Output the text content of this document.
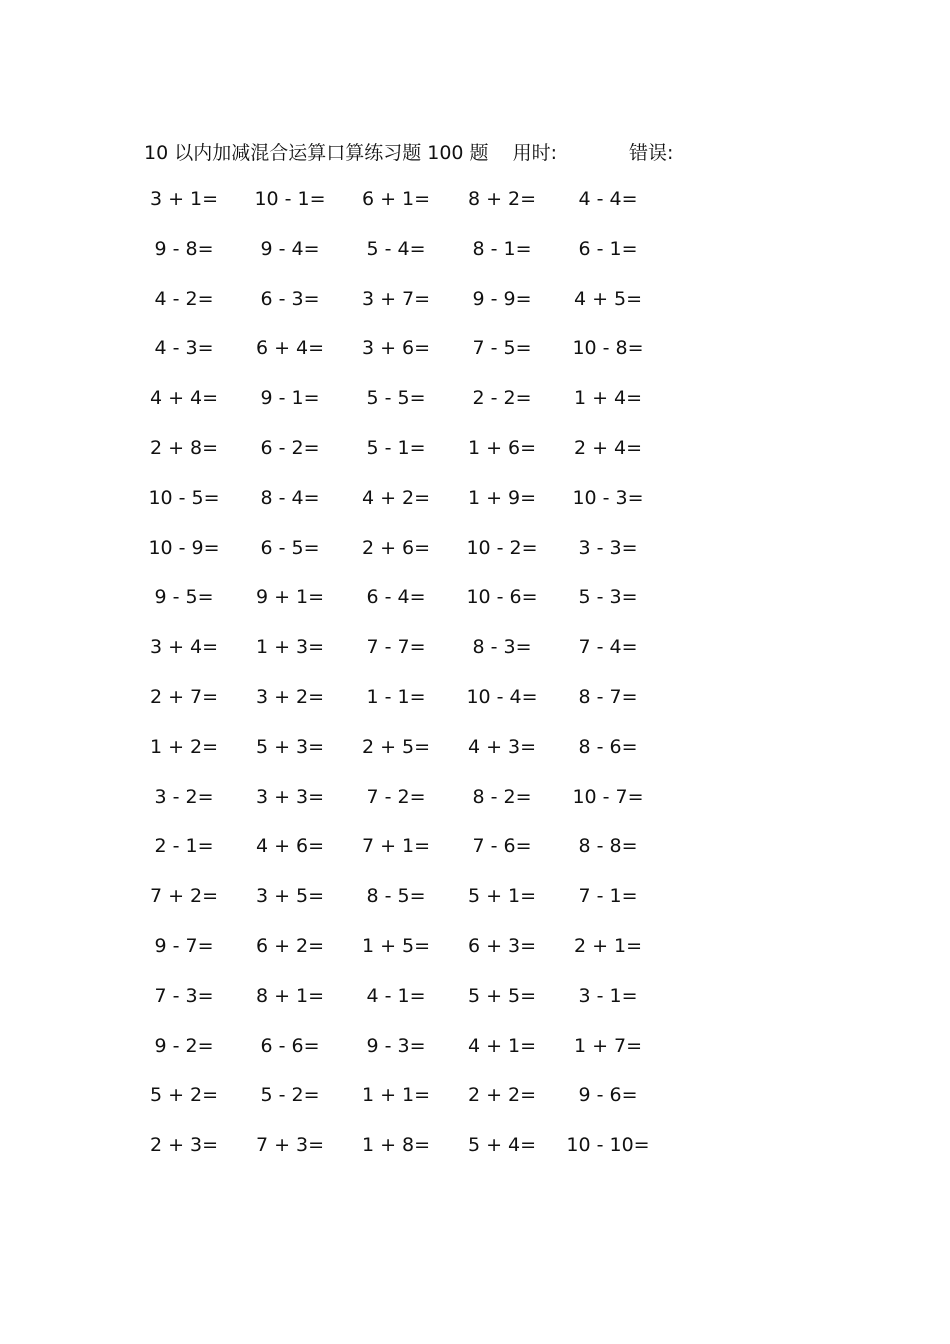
10 以内加减混合运算口算练习题 100 题 用时:	错误:
3 + 1=	10 - 1=	6 + 1=	8 + 2=	4 - 4=
9 - 8=	9 - 4=	5 - 4=	8 - 1=	6 - 1=
4 - 2=	6 - 3=	3 + 7=	9 - 9=	4 + 5=
4 - 3=	6 + 4=	3 + 6=	7 - 5=	10 - 8=
4 + 4=	9 - 1=	5 - 5=	2 - 2=	1 + 4=
2 + 8=	6 - 2=	5 - 1=	1 + 6=	2 + 4=
10 - 5=	8 - 4=	4 + 2=	1 + 9=	10 - 3=
10 - 9=	6 - 5=	2 + 6=	10 - 2=	3 - 3=
9 - 5=	9 + 1=	6 - 4=	10 - 6=	5 - 3=
3 + 4=	1 + 3=	7 - 7=	8 - 3=	7 - 4=
2 + 7=	3 + 2=	1 - 1=	10 - 4=	8 - 7=
1 + 2=	5 + 3=	2 + 5=	4 + 3=	8 - 6=
3 - 2=	3 + 3=	7 - 2=	8 - 2=	10 - 7=
2 - 1=	4 + 6=	7 + 1=	7 - 6=	8 - 8=
7 + 2=	3 + 5=	8 - 5=	5 + 1=	7 - 1=
9 - 7=	6 + 2=	1 + 5=	6 + 3=	2 + 1=
7 - 3=	8 + 1=	4 - 1=	5 + 5=	3 - 1=
9 - 2=	6 - 6=	9 - 3=	4 + 1=	1 + 7=
5 + 2=	5 - 2=	1 + 1=	2 + 2=	9 - 6=
2 + 3=	7 + 3=	1 + 8=	5 + 4=	10 - 10=
